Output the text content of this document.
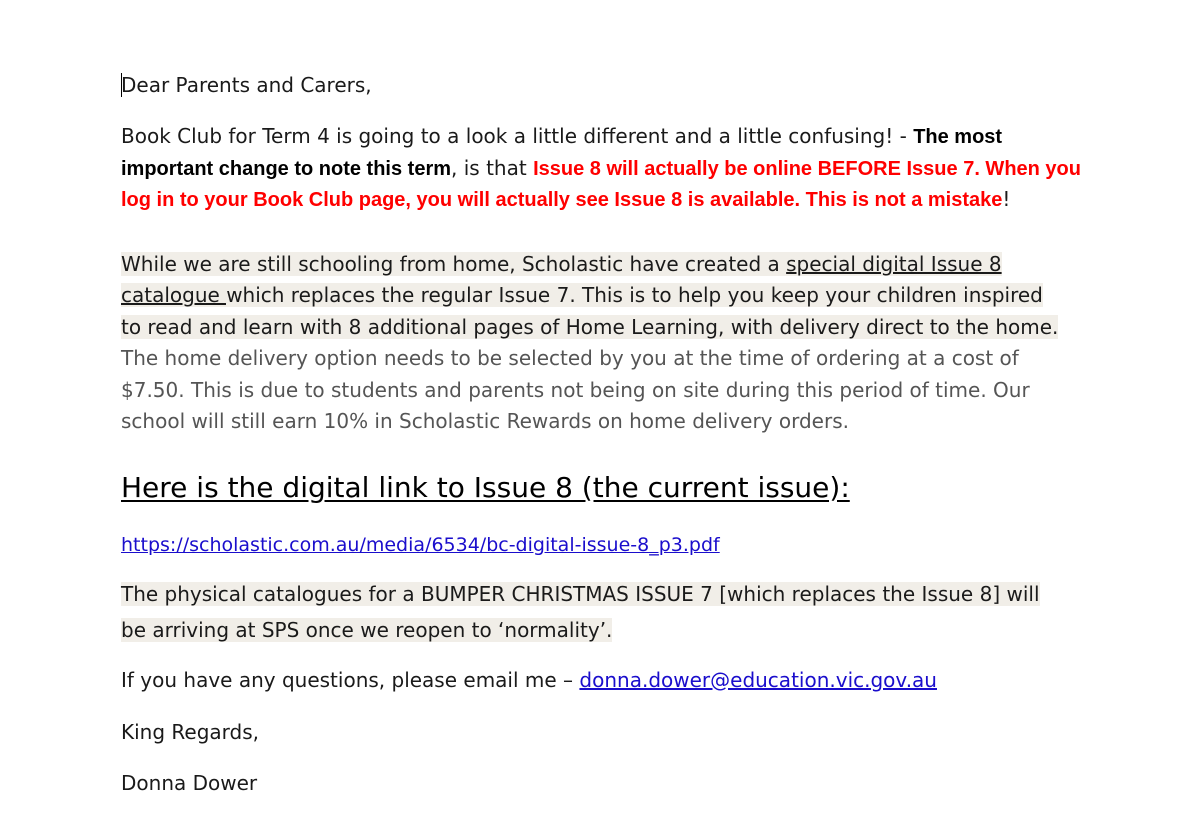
Dear Parents and Carers,
Book Club for Term 4 is going to a look a little different and a little confusing! - The most
important change to note this term, is that Issue 8 will actually be online BEFORE Issue 7. When you
log in to your Book Club page, you will actually see Issue 8 is available. This is not a mistake!
While we are still schooling from home, Scholastic have created a special digital Issue 8
catalogue which replaces the regular Issue 7. This is to help you keep your children inspired
to read and learn with 8 additional pages of Home Learning, with delivery direct to the home.
The home delivery option needs to be selected by you at the time of ordering at a cost of
$7.50. This is due to students and parents not being on site during this period of time. Our
school will still earn 10% in Scholastic Rewards on home delivery orders.
Here is the digital link to Issue 8 (the current issue):
https://scholastic.com.au/media/6534/bc-digital-issue-8_p3.pdf
The physical catalogues for a BUMPER CHRISTMAS ISSUE 7 [which replaces the Issue 8] will
be arriving at SPS once we reopen to ‘normality’.
If you have any questions, please email me – donna.dower@education.vic.gov.au
King Regards,
Donna Dower
